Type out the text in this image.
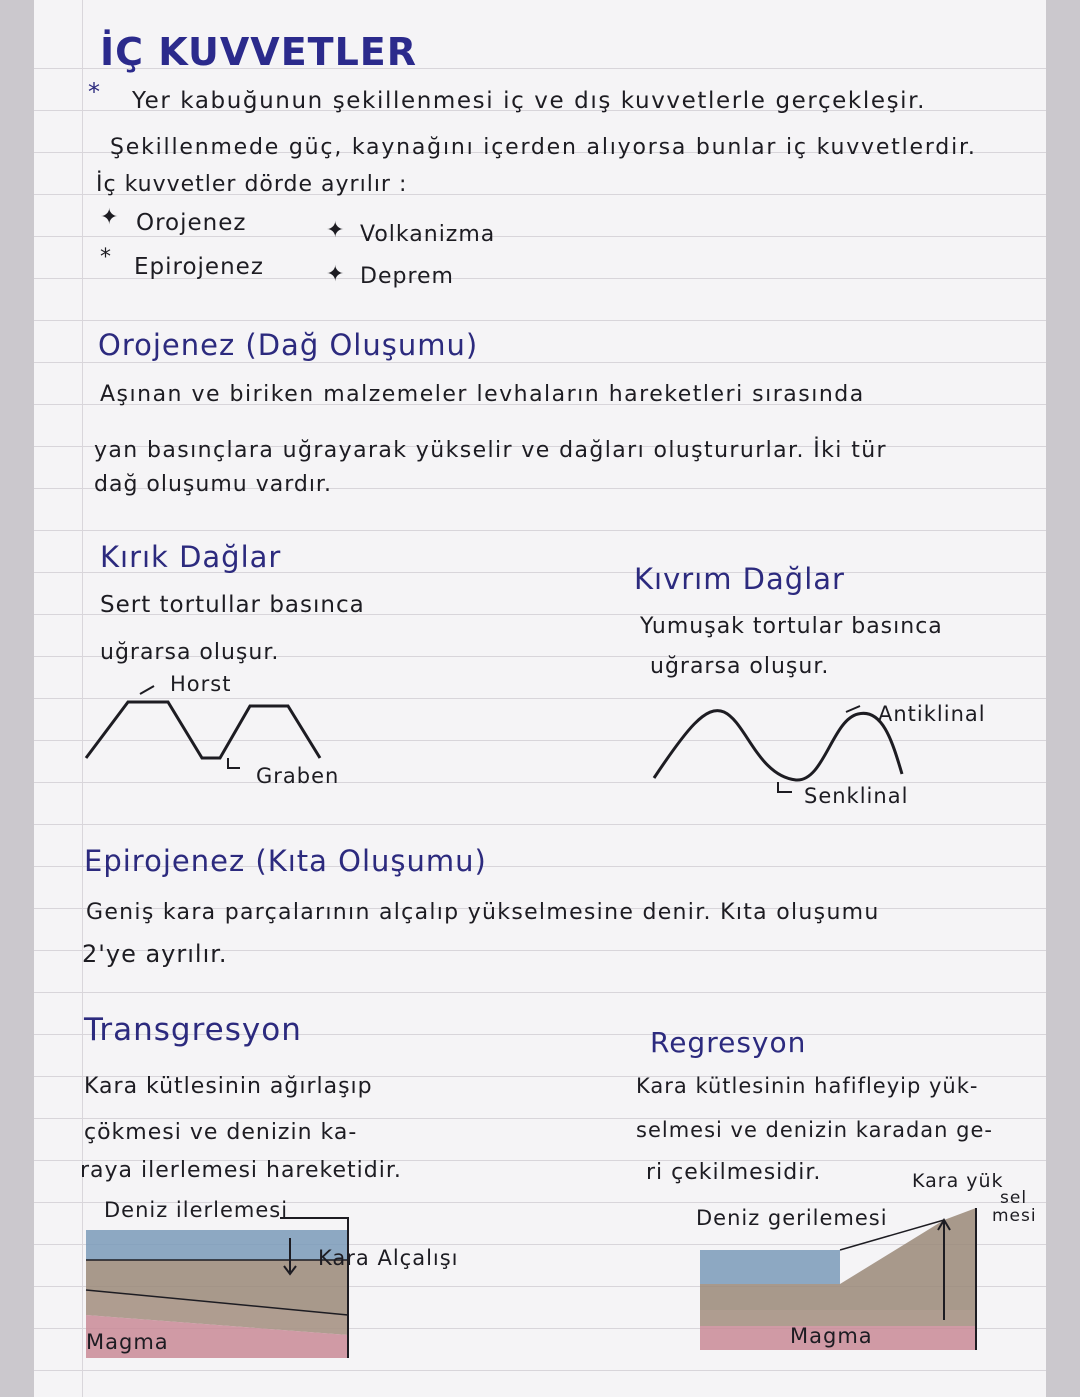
İÇ KUVVETLER
* Yer kabuğunun şekillenmesi iç ve dış kuvvetlerle gerçekleşir.
Şekillenmede güç, kaynağını içerden alıyorsa bunlar iç kuvvetlerdir.
İç kuvvetler dörde ayrılır :
✦ Orojenez	✦ Volkanizma
* Epirojenez	✦ Deprem
Orojenez (Dağ Oluşumu)
Aşınan ve biriken malzemeler levhaların hareketleri sırasında
yan basınçlara uğrayarak yükselir ve dağları oluştururlar. İki tür
dağ oluşumu vardır.
Kırık Dağlar
Sert tortullar basınca
uğrarsa oluşur.
Horst
Graben
Kıvrım Dağlar
Yumuşak tortular basınca
uğrarsa oluşur.
Antiklinal
Senklinal
Epirojenez (Kıta Oluşumu)
Geniş kara parçalarının alçalıp yükselmesine denir. Kıta oluşumu
2'ye ayrılır.
Transgresyon
Kara kütlesinin ağırlaşıp
çökmesi ve denizin ka-
raya ilerlemesi hareketidir.
Deniz ilerlemesi
Kara Alçalışı
Magma
Regresyon
Kara kütlesinin hafifleyip yük-
selmesi ve denizin karadan ge-
ri çekilmesidir.
Deniz gerilemesi
Kara yük
sel
mesi
Magma
